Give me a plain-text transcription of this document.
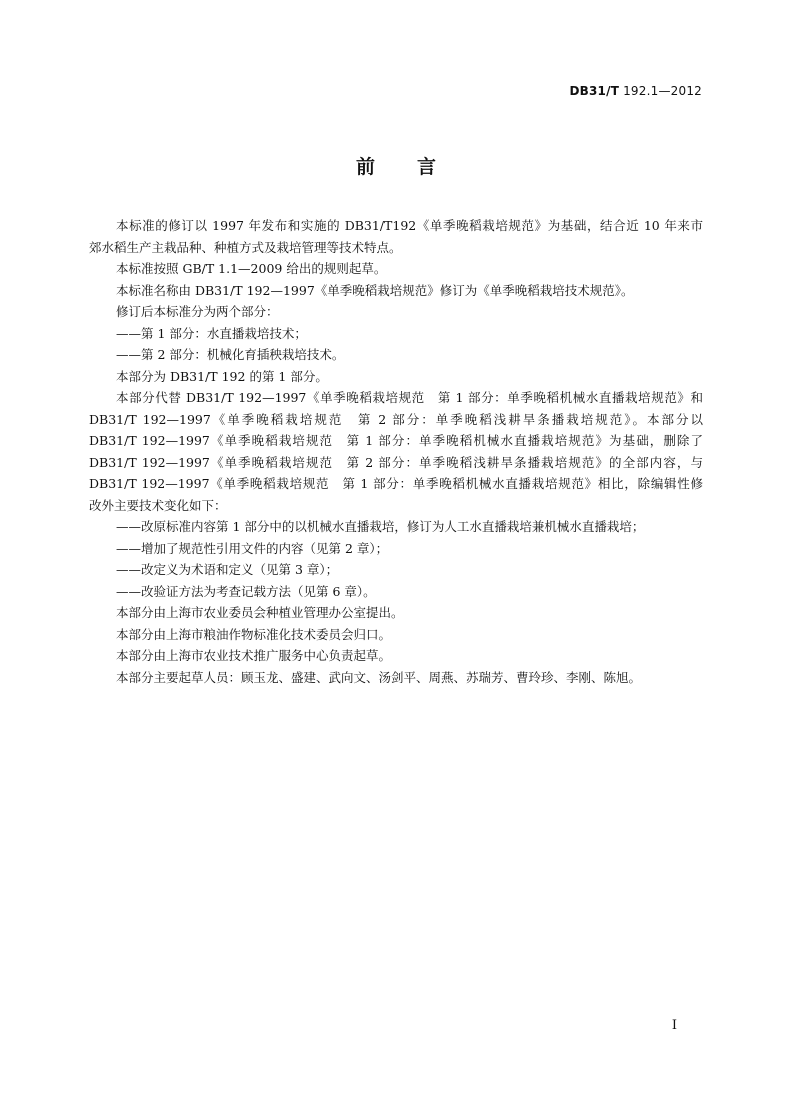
DB31/T 192.1—2012
前 言

本标准的修订以 1997 年发布和实施的 DB31/T192《单季晚稻栽培规范》为基础，结合近 10 年来市

郊水稻生产主栽品种、种植方式及栽培管理等技术特点。

本标准按照 GB/T 1.1—2009 给出的规则起草。

本标准名称由 DB31/T 192—1997《单季晚稻栽培规范》修订为《单季晚稻栽培技术规范》。

修订后本标准分为两个部分：

——第 1 部分：水直播栽培技术；

——第 2 部分：机械化育插秧栽培技术。

本部分为 DB31/T 192 的第 1 部分。

本部分代替 DB31/T 192—1997《单季晚稻栽培规范　第 1 部分：单季晚稻机械水直播栽培规范》和

DB31/T 192—1997《单季晚稻栽培规范　第 2 部分：单季晚稻浅耕旱条播栽培规范》。本部分以

DB31/T 192—1997《单季晚稻栽培规范　第 1 部分：单季晚稻机械水直播栽培规范》为基础，删除了

DB31/T 192—1997《单季晚稻栽培规范　第 2 部分：单季晚稻浅耕旱条播栽培规范》的全部内容，与

DB31/T 192—1997《单季晚稻栽培规范　第 1 部分：单季晚稻机械水直播栽培规范》相比，除编辑性修

改外主要技术变化如下：

——改原标准内容第 1 部分中的以机械水直播栽培，修订为人工水直播栽培兼机械水直播栽培；

——增加了规范性引用文件的内容（见第 2 章）；

——改定义为术语和定义（见第 3 章）；

——改验证方法为考查记载方法（见第 6 章）。

本部分由上海市农业委员会种植业管理办公室提出。

本部分由上海市粮油作物标准化技术委员会归口。

本部分由上海市农业技术推广服务中心负责起草。

本部分主要起草人员：顾玉龙、盛建、武向文、汤剑平、周燕、苏瑞芳、曹玲珍、李刚、陈旭。

I
